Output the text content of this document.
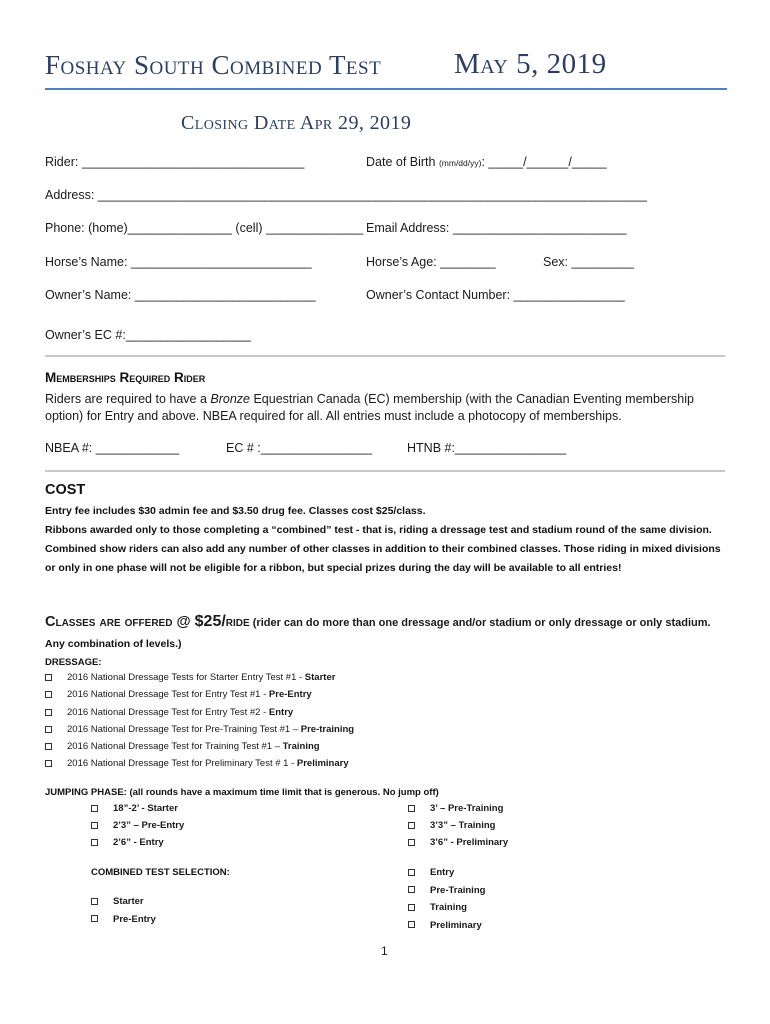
Foshay South Combined Test	May 5, 2019
Closing Date Apr 29, 2019
Rider: ________________________________	Date of Birth (mm/dd/yy): _____/______/_____
Address: _______________________________________________________________________________
Phone: (home)_______________ (cell) ______________ Email Address: _________________________
Horse’s Name: __________________________	Horse’s Age: ________	Sex: _________
Owner’s Name: __________________________	Owner’s Contact Number: ________________
Owner’s EC #:__________________
Memberships Required Rider
Riders are required to have a Bronze Equestrian Canada (EC) membership (with the Canadian Eventing membership option) for Entry and above. NBEA required for all. All entries must include a photocopy of memberships.
NBEA #: ____________	EC # :________________	HTNB #:________________
COST
Entry fee includes $30 admin fee and $3.50 drug fee. Classes cost $25/class.
Ribbons awarded only to those completing a “combined” test - that is, riding a dressage test and stadium round of the same division. Combined show riders can also add any number of other classes in addition to their combined classes. Those riding in mixed divisions or only in one phase will not be eligible for a ribbon, but special prizes during the day will be available to all entries!
Classes are offered @ $25/ride (rider can do more than one dressage and/or stadium or only dressage or only stadium.
Any combination of levels.)
DRESSAGE:
2016 National Dressage Tests for Starter Entry Test #1 - Starter
2016 National Dressage Test for Entry Test #1 - Pre-Entry
2016 National Dressage Test for Entry Test #2 - Entry
2016 National Dressage Test for Pre-Training Test #1 – Pre-training
2016 National Dressage Test for Training Test #1 – Training
2016 National Dressage Test for Preliminary Test # 1 - Preliminary
JUMPING PHASE: (all rounds have a maximum time limit that is generous. No jump off)
18”-2’ - Starter
2’3” – Pre-Entry
2’6” - Entry
3’ – Pre-Training
3’3” – Training
3’6” - Preliminary
COMBINED TEST SELECTION:
Starter
Pre-Entry
Entry
Pre-Training
Training
Preliminary
1
